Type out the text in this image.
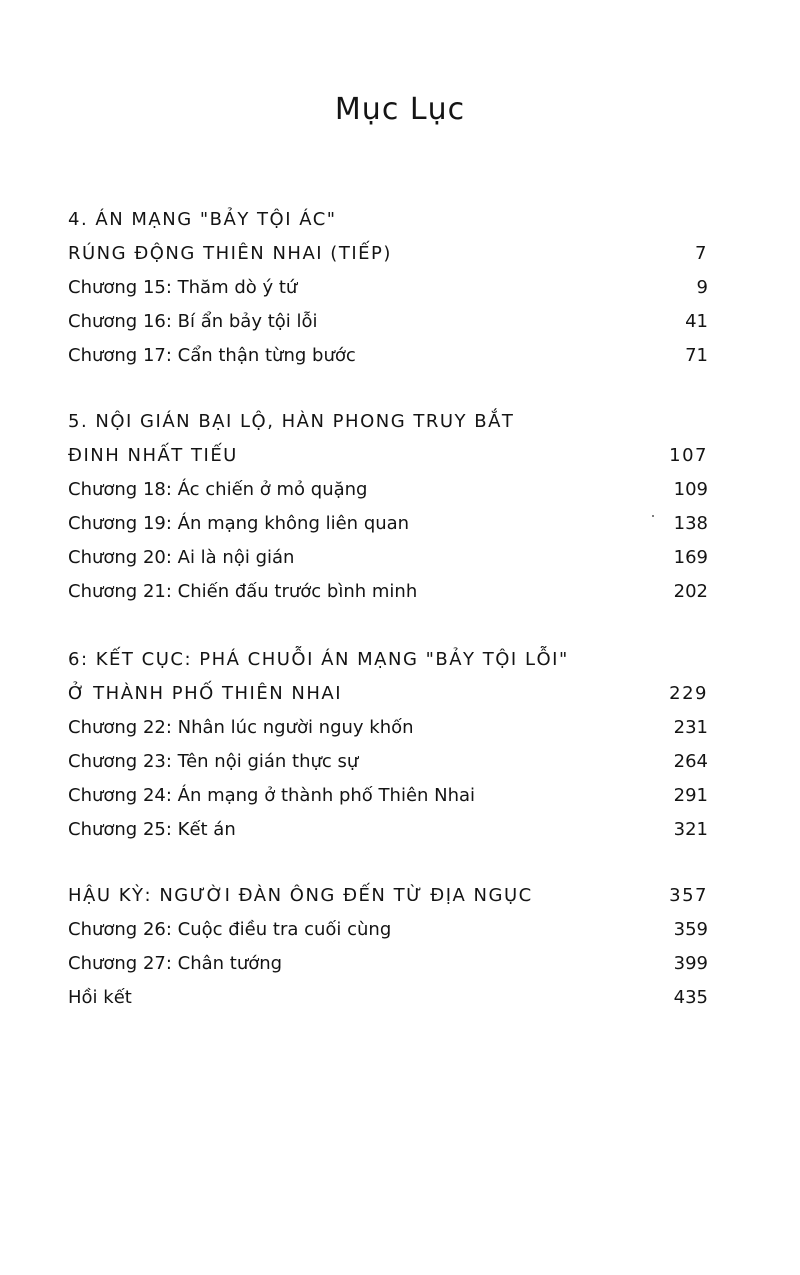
Mục Lục
4. ÁN MẠNG "BẢY TỘI ÁC"
RÚNG ĐỘNG THIÊN NHAI (TIẾP)	7
Chương 15: Thăm dò ý tứ	9
Chương 16: Bí ẩn bảy tội lỗi	41
Chương 17: Cẩn thận từng bước	71
5. NỘI GIÁN BẠI LỘ, HÀN PHONG TRUY BẮT
ĐINH NHẤT TIẾU	107
Chương 18: Ác chiến ở mỏ quặng	109
Chương 19: Án mạng không liên quan	138
Chương 20: Ai là nội gián	169
Chương 21: Chiến đấu trước bình minh	202
6: KẾT CỤC: PHÁ CHUỖI ÁN MẠNG "BẢY TỘI LỖI"
Ở THÀNH PHỐ THIÊN NHAI	229
Chương 22: Nhân lúc người nguy khốn	231
Chương 23: Tên nội gián thực sự	264
Chương 24: Án mạng ở thành phố Thiên Nhai	291
Chương 25: Kết án	321
HẬU KỲ: NGƯỜI ĐÀN ÔNG ĐẾN TỪ ĐỊA NGỤC	357
Chương 26: Cuộc điều tra cuối cùng	359
Chương 27: Chân tướng	399
Hồi kết	435
